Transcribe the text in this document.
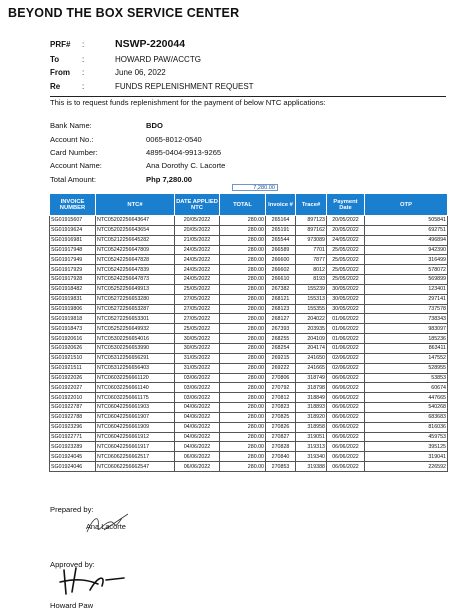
BEYOND THE BOX SERVICE CENTER
PRF# :	NSWP-220044
To	:	HOWARD PAW/ACCTG
From :	June 06, 2022
Re	:	FUNDS REPLENISHMENT REQUEST
This is to request funds replenishment for the payment of below NTC applications:
Bank Name:	BDO
Account No.:	0065-8012-0540
Card Number:	4895-0404-9913-9265
Account Name:	Ana Dorothy C. Lacorte
Total Amount:	Php 7,280.00
7,280.00
INVOICE NUMBER	NTC#	DATE APPLIED NTC	TOTAL	Invoice #	Trace#	Payment Date	OTP
SG01915607	NTC05202256643647	20/05/2022	280.00	265164	897123	20/05/2022	505841
SG01919624	NTC05202256643654	20/05/2022	280.00	265191	897162	20/05/2022	692751
SG01916981	NTC05212256645282	21/05/2022	280.00	265544	973089	24/05/2022	496894
SG01917948	NTC05242256647809	24/05/2022	280.00	266589	7701	25/05/2022	942390
SG01917949	NTC05242256647828	24/05/2022	280.00	266600	7877	25/05/2022	316499
SG01917929	NTC05242256647839	24/05/2022	280.00	266602	8012	25/05/2022	578072
SG01917928	NTC05242256647873	24/05/2022	280.00	266610	8193	25/05/2022	569899
SG01918482	NTC05252256649913	25/05/2022	280.00	267382	155239	30/05/2022	123401
SG01919831	NTC05272256653280	27/05/2022	280.00	268121	155313	30/05/2022	297141
SG01919806	NTC05272256653287	27/05/2022	280.00	268123	155355	30/05/2022	737578
SG01919818	NTC05272256653301	27/05/2022	280.00	268127	204022	01/06/2022	738343
SG01918473	NTC05252256649932	25/05/2022	280.00	267393	203935	01/06/2022	983097
SG01920616	NTC05302256654016	30/05/2022	280.00	268255	204109	01/06/2022	185236
SG01920626	NTC05302256653990	30/05/2022	280.00	268254	204174	01/06/2022	863411
SG01921510	NTC05312256656291	31/05/2022	280.00	269215	241650	02/06/2022	147552
SG01921511	NTC05312256656403	31/05/2022	280.00	269222	241665	02/06/2022	528955
SG01922026	NTC06032256661120	03/06/2022	280.00	270806	318749	06/06/2022	53853
SG01922027	NTC06032256661140	03/06/2022	280.00	270792	318798	06/06/2022	60674
SG01922010	NTC06032256661175	03/06/2022	280.00	270812	318849	06/06/2022	447665
SG01922787	NTC06042256661903	04/06/2022	280.00	270823	318893	06/06/2022	540268
SG01922788	NTC06042256661907	04/06/2022	280.00	270825	318920	06/06/2022	683683
SG01923296	NTC06042256661909	04/06/2022	280.00	270826	318958	06/06/2022	816036
SG01922771	NTC06042256661912	04/06/2022	280.00	270827	319051	06/06/2022	459753
SG01923289	NTC06042256661917	04/06/2022	280.00	270828	319313	06/06/2022	395125
SG01924045	NTC06062256662517	06/06/2022	280.00	270840	319340	06/06/2022	319041
SG01924046	NTC06062256662547	06/06/2022	280.00	270853	319388	06/06/2022	226592
Prepared by:
Ana Lacorte
Approved by:
Howard Paw
